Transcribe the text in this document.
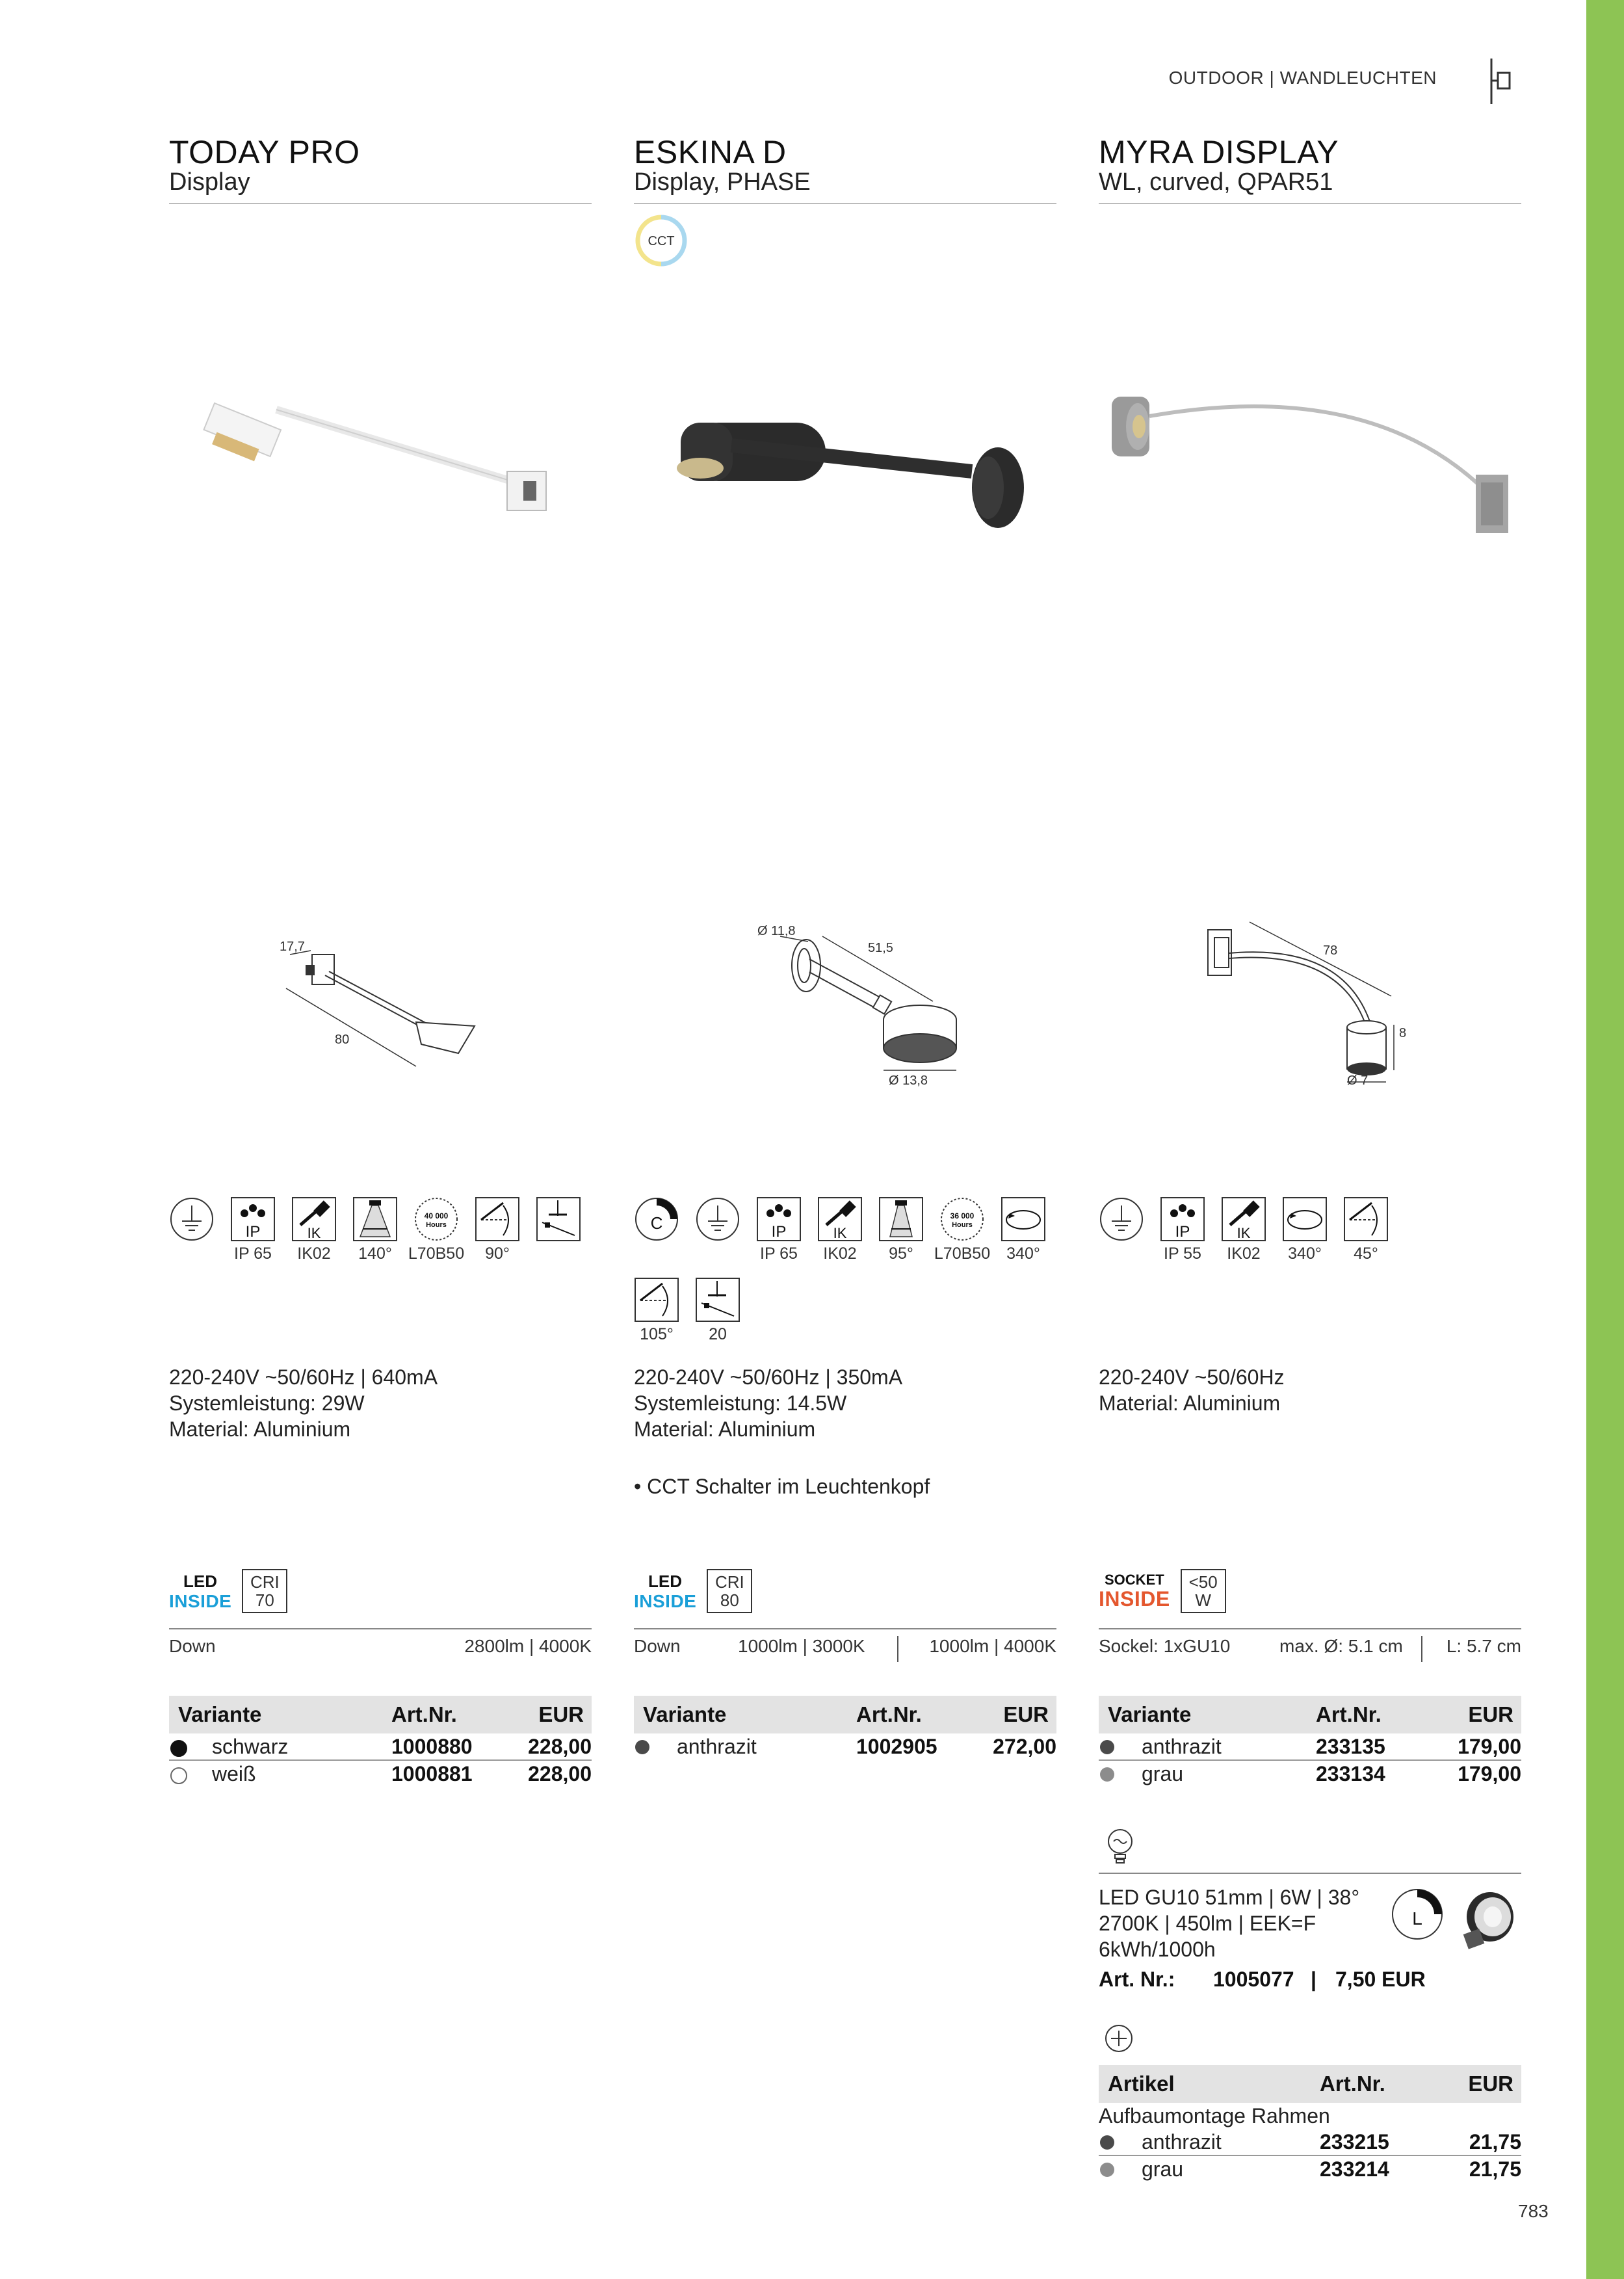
OUTDOOR | WANDLEUCHTEN
TODAY PRO
Display
17,7
80
IP
IP 65
IK
IK02 140°
40 000
Hours
L70B50 90°
220-240V ~50/60Hz | 640mA
Systemleistung: 29W
Material: Aluminium
LED
INSIDE
CRI
70
Down	2800lm | 4000K
Variante	Art.Nr.	EUR
schwarz	1000880	228,00
weiß	1000881	228,00
ESKINA D
Display, PHASE
CCT
Ø 11,8
51,5
Ø 13,8
C	IP
IP 65
IK
IK02 95°
36 000
Hours
L70B50 340°
105° 20
220-240V ~50/60Hz | 350mA
Systemleistung: 14.5W
Material: Aluminium
• CCT Schalter im Leuchtenkopf
LED
INSIDE
CRI
80
Down	1000lm | 3000K	1000lm | 4000K
Variante	Art.Nr.	EUR
anthrazit	1002905	272,00
MYRA DISPLAY
WL, curved, QPAR51
78
8
Ø 7
IP
IP 55
IK
IK02 340° 45°
220-240V ~50/60Hz
Material: Aluminium
SOCKET
INSIDE
<50
W
Sockel: 1xGU10	max. Ø: 5.1 cm L: 5.7 cm
Variante	Art.Nr.	EUR
anthrazit	233135	179,00
grau	233134	179,00
LED GU10 51mm | 6W | 38°
2700K | 450lm | EEK=F
6kWh/1000h
L
Art. Nr.: 1005077 | 7,50 EUR
Artikel	Art.Nr.	EUR
Aufbaumontage Rahmen
anthrazit	233215	21,75
grau	233214	21,75
783
